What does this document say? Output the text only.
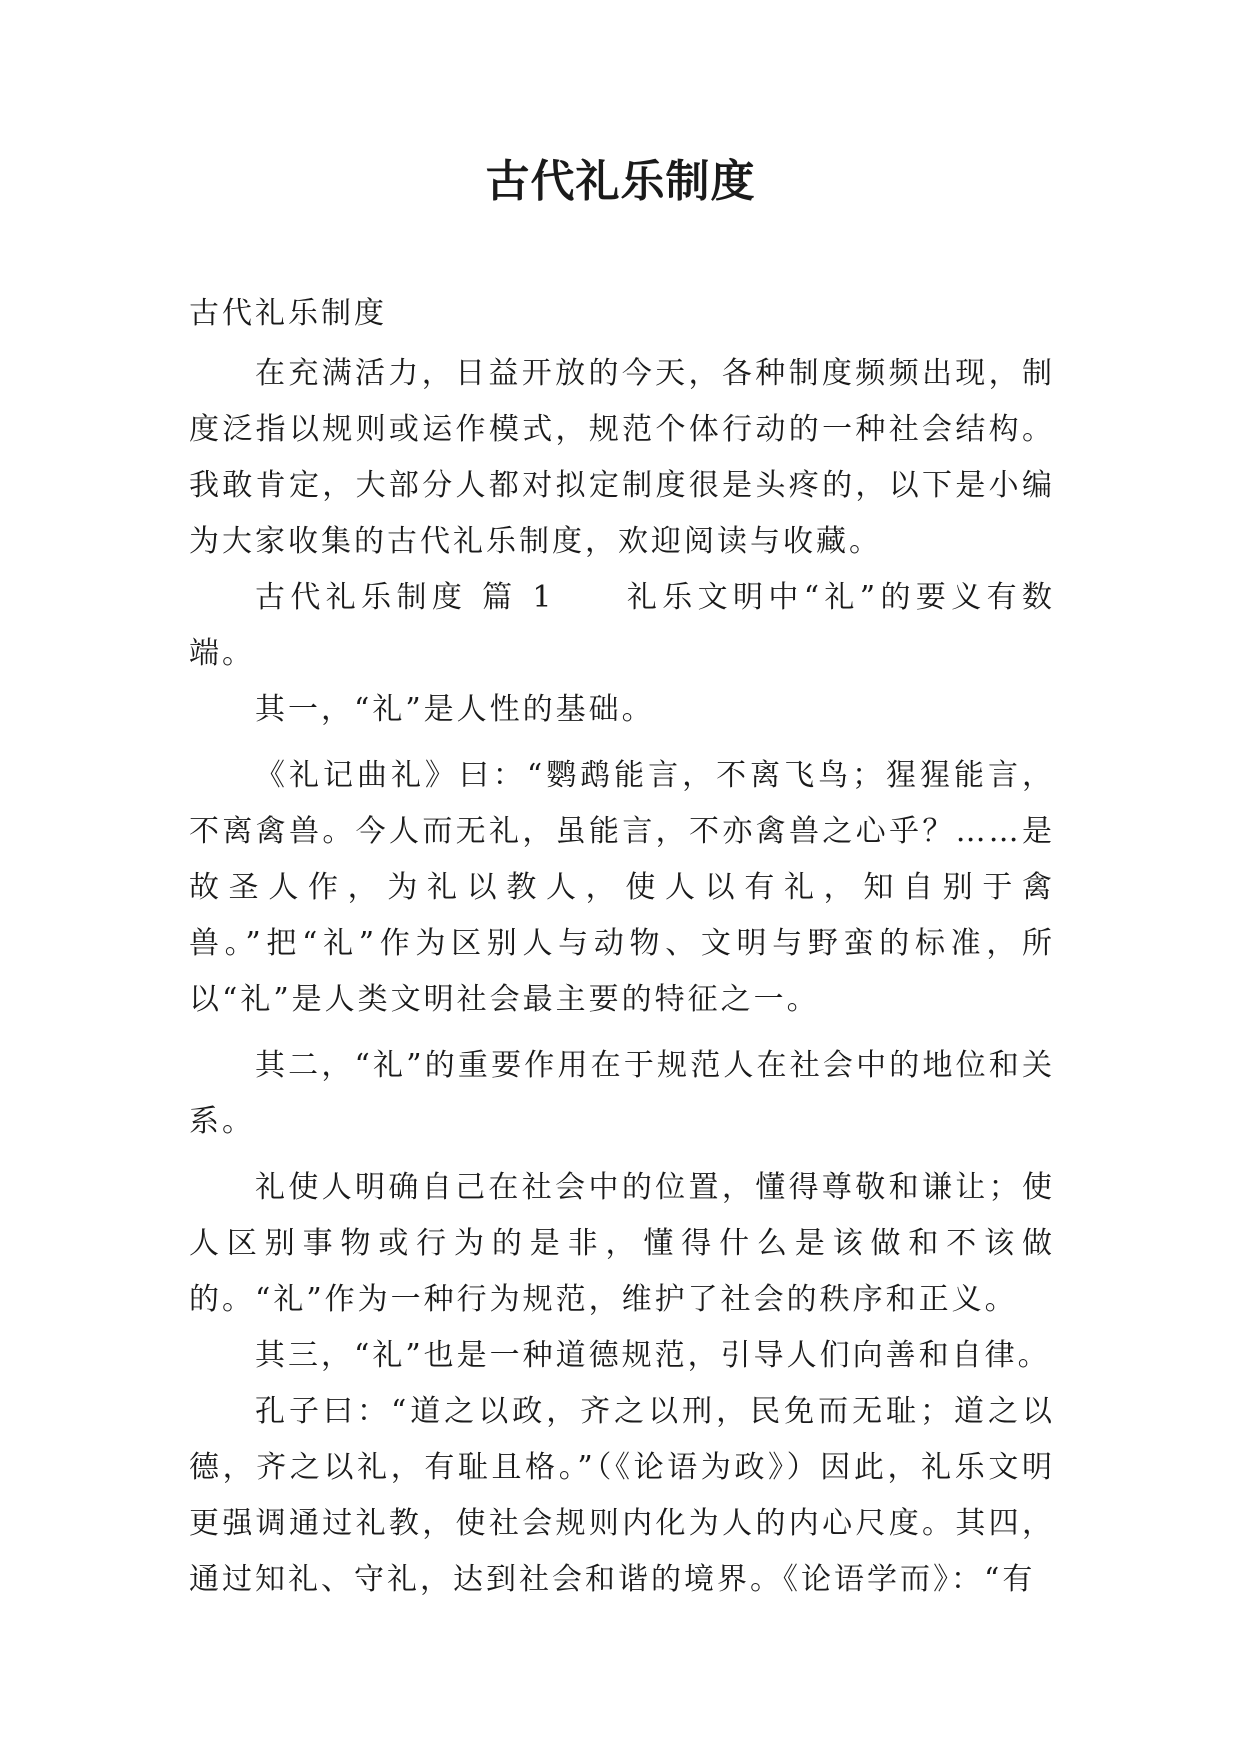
古代礼乐制度

古代礼乐制度

在充满活力，日益开放的今天，各种制度频频出现，制度泛指以规则或运作模式，规范个体行动的一种社会结构。我敢肯定，大部分人都对拟定制度很是头疼的，以下是小编为大家收集的古代礼乐制度，欢迎阅读与收藏。

古代礼乐制度 篇 1 礼乐文明中“礼”的要义有数端。

其一，“礼”是人性的基础。

《礼记曲礼》曰：“鹦鹉能言，不离飞鸟；猩猩能言，不离禽兽。今人而无礼，虽能言，不亦禽兽之心乎？……是故圣人作，为礼以教人，使人以有礼，知自别于禽兽。”把“礼”作为区别人与动物、文明与野蛮的标准，所以“礼”是人类文明社会最主要的特征之一。

其二，“礼”的重要作用在于规范人在社会中的地位和关系。

礼使人明确自己在社会中的位置，懂得尊敬和谦让；使人区别事物或行为的是非，懂得什么是该做和不该做的。“礼”作为一种行为规范，维护了社会的秩序和正义。

其三，“礼”也是一种道德规范，引导人们向善和自律。

孔子曰：“道之以政，齐之以刑，民免而无耻；道之以德，齐之以礼，有耻且格。”（《论语为政》）因此，礼乐文明更强调通过礼教，使社会规则内化为人的内心尺度。其四，通过知礼、守礼，达到社会和谐的境界。《论语学而》：“有
